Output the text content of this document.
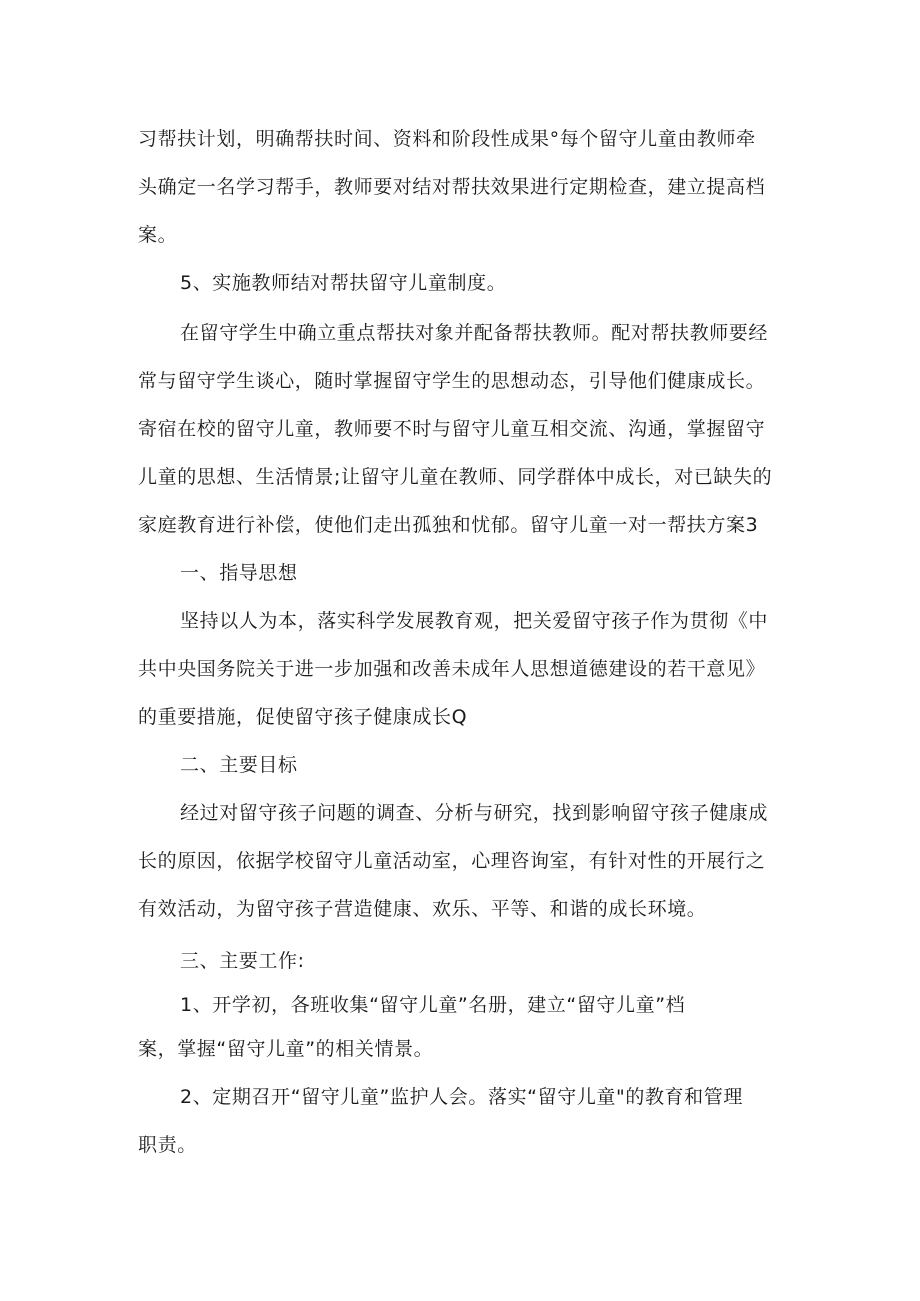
习帮扶计划，明确帮扶时间、资料和阶段性成果°每个留守儿童由教师牵
头确定一名学习帮手，教师要对结对帮扶效果进行定期检查，建立提高档
案。
5、实施教师结对帮扶留守儿童制度。
在留守学生中确立重点帮扶对象并配备帮扶教师。配对帮扶教师要经
常与留守学生谈心，随时掌握留守学生的思想动态，引导他们健康成长。
寄宿在校的留守儿童，教师要不时与留守儿童互相交流、沟通，掌握留守
儿童的思想、生活情景;让留守儿童在教师、同学群体中成长，对已缺失的
家庭教育进行补偿，使他们走出孤独和忧郁。留守儿童一对一帮扶方案3
一、指导思想
坚持以人为本，落实科学发展教育观，把关爱留守孩子作为贯彻《中
共中央国务院关于进一步加强和改善未成年人思想道德建设的若干意见》
的重要措施，促使留守孩子健康成长Q
二、主要目标
经过对留守孩子问题的调查、分析与研究，找到影响留守孩子健康成
长的原因，依据学校留守儿童活动室，心理咨询室，有针对性的开展行之
有效活动，为留守孩子营造健康、欢乐、平等、和谐的成长环境。
三、主要工作:
1、开学初，各班收集“留守儿童”名册，建立“留守儿童”档
案，掌握“留守儿童”的相关情景。
2、定期召开“留守儿童”监护人会。落实“留守儿童"的教育和管理
职责。
